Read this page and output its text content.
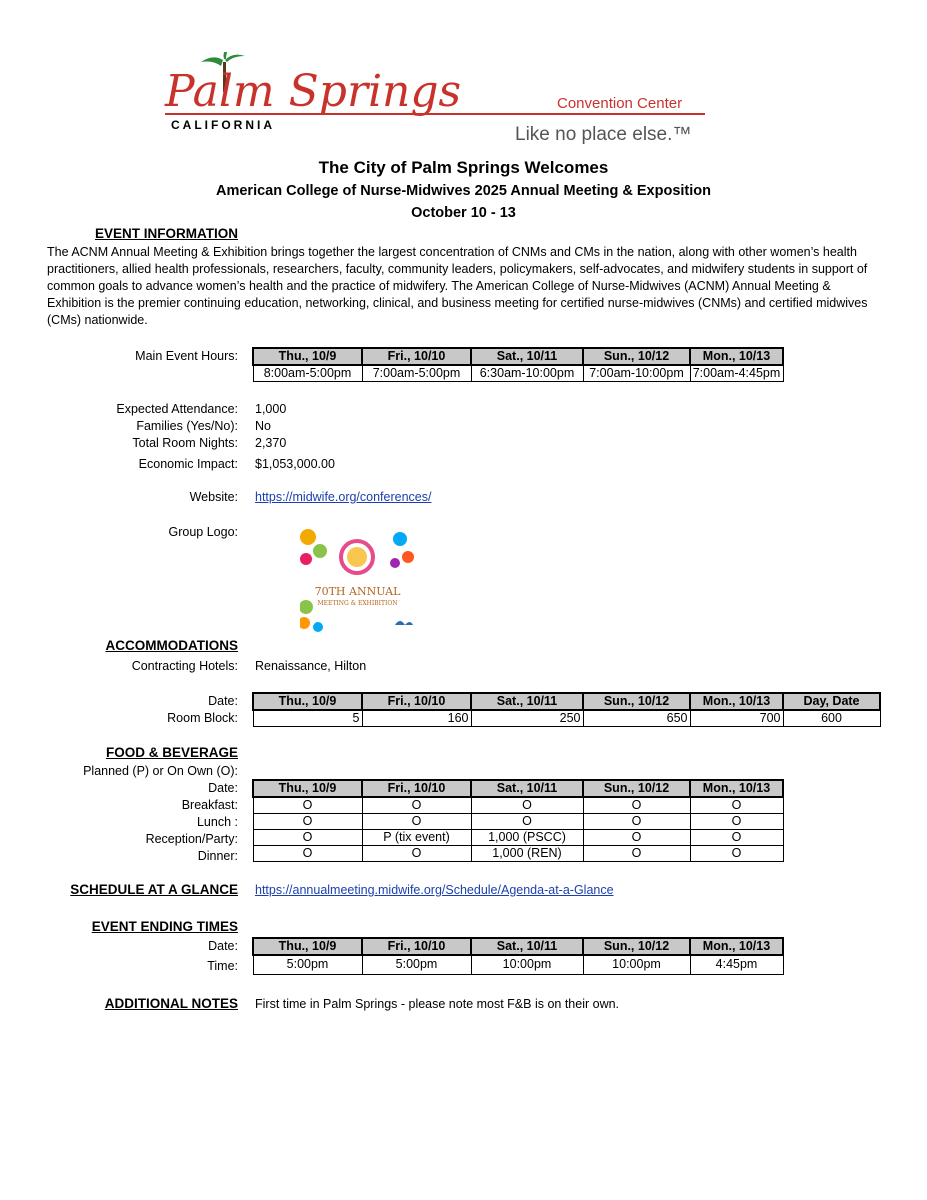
Palm Springs
CALIFORNIA
Convention Center
Like no place else.™
The City of Palm Springs Welcomes
American College of Nurse-Midwives 2025 Annual Meeting & Exposition
October 10 - 13
EVENT INFORMATION
The ACNM Annual Meeting & Exhibition brings together the largest concentration of CNMs and CMs in the nation, along with other women’s health practitioners, allied health professionals, researchers, faculty, community leaders, policymakers, self-advocates, and midwifery students in support of common goals to advance women’s health and the practice of midwifery. The American College of Nurse-Midwives (ACNM) Annual Meeting & Exhibition is the premier continuing education, networking, clinical, and business meeting for certified nurse-midwives (CNMs) and certified midwives (CMs) nationwide.
Main Event Hours:	Thu., 10/9	Fri., 10/10	Sat., 10/11	Sun., 10/12	Mon., 10/13
8:00am-5:00pm	7:00am-5:00pm	6:30am-10:00pm	7:00am-10:00pm	7:00am-4:45pm
Expected Attendance: 1,000
Families (Yes/No): No
Total Room Nights: 2,370
Economic Impact: $1,053,000.00
Website: https://midwife.org/conferences/
Group Logo:
70TH ANNUAL
MEETING & EXHIBITION
ACCOMMODATIONS
Contracting Hotels: Renaissance, Hilton
Date:
Room Block:
Thu., 10/9	Fri., 10/10	Sat., 10/11	Sun., 10/12	Mon., 10/13	Day, Date
5	160	250	650	700	600
FOOD & BEVERAGE
Planned (P) or On Own (O):
Date:
Breakfast:
Lunch :
Reception/Party:
Dinner:
Thu., 10/9	Fri., 10/10	Sat., 10/11	Sun., 10/12	Mon., 10/13
O	O	O	O	O
O	O	O	O	O
O	P (tix event)	1,000 (PSCC)	O	O
O	O	1,000 (REN)	O	O
SCHEDULE AT A GLANCE https://annualmeeting.midwife.org/Schedule/Agenda-at-a-Glance
EVENT ENDING TIMES
Date:
Time:
Thu., 10/9	Fri., 10/10	Sat., 10/11	Sun., 10/12	Mon., 10/13
5:00pm	5:00pm	10:00pm	10:00pm	4:45pm
ADDITIONAL NOTES First time in Palm Springs - please note most F&B is on their own.
